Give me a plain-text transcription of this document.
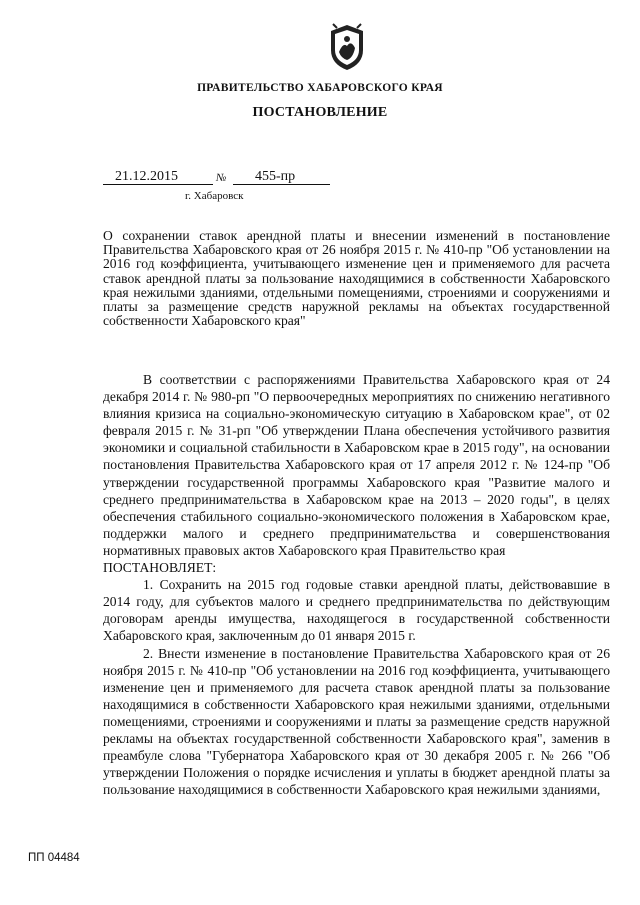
ПРАВИТЕЛЬСТВО ХАБАРОВСКОГО КРАЯ
ПОСТАНОВЛЕНИЕ
21.12.2015	№	455-пр
г. Хабаровск
О сохранении ставок арендной платы и внесении изменений в постановление Правительства Хабаровского края от 26 ноября 2015 г. № 410-пр "Об установлении на 2016 год коэффициента, учитывающего изменение цен и применяемого для расчета ставок арендной платы за пользование находящимися в собственности Хабаровского края нежилыми зданиями, отдельными помещениями, строениями и сооружениями и платы за размещение средств наружной рекламы на объектах государственной собственности Хабаровского края"

В соответствии с распоряжениями Правительства Хабаровского края от 24 декабря 2014 г. № 980-рп "О первоочередных мероприятиях по снижению негативного влияния кризиса на социально-экономическую ситуацию в Хабаровском крае", от 02 февраля 2015 г. № 31-рп "Об утверждении Плана обеспечения устойчивого развития экономики и социальной стабильности в Хабаровском крае в 2015 году", на основании постановления Правительства Хабаровского края от 17 апреля 2012 г. № 124-пр "Об утверждении государственной программы Хабаровского края "Развитие малого и среднего предпринимательства в Хабаровском крае на 2013 – 2020 годы", в целях обеспечения стабильного социально-экономического положения в Хабаровском крае, поддержки малого и среднего предпринимательства и совершенствования нормативных правовых актов Хабаровского края Правительство края

ПОСТАНОВЛЯЕТ:

1. Сохранить на 2015 год годовые ставки арендной платы, действовавшие в 2014 году, для субъектов малого и среднего предпринимательства по действующим договорам аренды имущества, находящегося в государственной собственности Хабаровского края, заключенным до 01 января 2015 г.

2. Внести изменение в постановление Правительства Хабаровского края от 26 ноября 2015 г. № 410-пр "Об установлении на 2016 год коэффициента, учитывающего изменение цен и применяемого для расчета ставок арендной платы за пользование находящимися в собственности Хабаровского края нежилыми зданиями, отдельными помещениями, строениями и сооружениями и платы за размещение средств наружной рекламы на объектах государственной собственности Хабаровского края", заменив в преамбуле слова "Губернатора Хабаровского края от 30 декабря 2005 г. № 266 "Об утверждении Положения о порядке исчисления и уплаты в бюджет арендной платы за пользование находящимися в собственности Хабаровского края нежилыми зданиями,

ПП 04484
